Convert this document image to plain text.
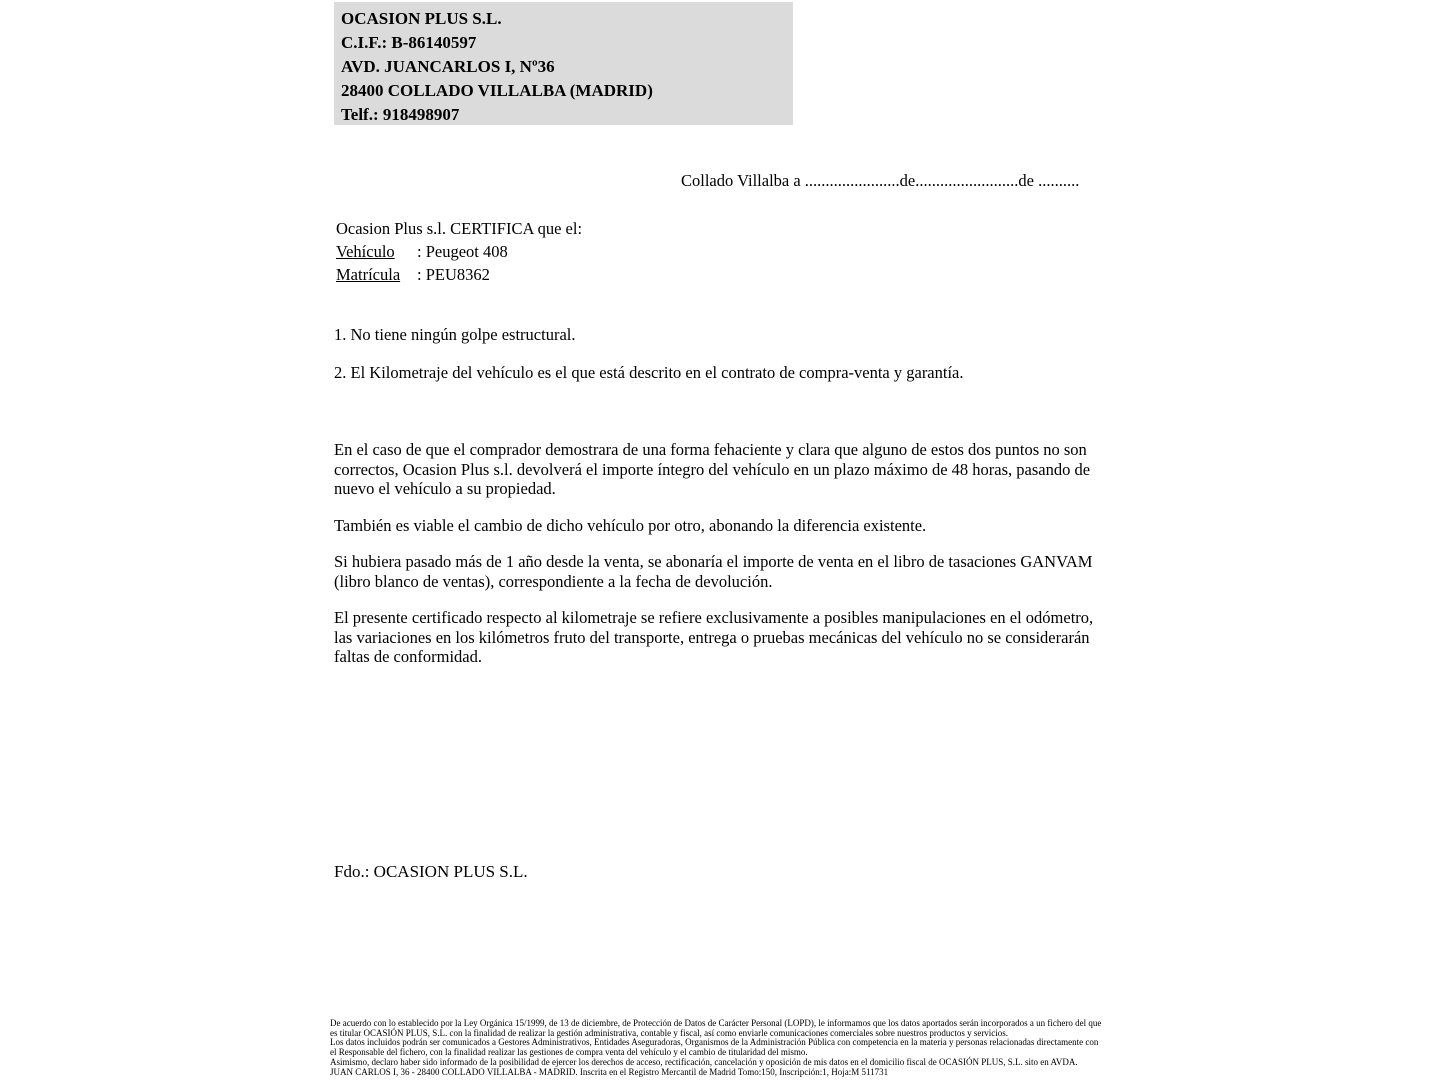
OCASION PLUS S.L.
C.I.F.: B-86140597
AVD. JUANCARLOS I, Nº36
28400 COLLADO VILLALBA (MADRID)
Telf.: 918498907
Collado Villalba a .......................de.........................de ..........
Ocasion Plus s.l. CERTIFICA que el:
Vehículo : Peugeot 408
Matrícula : PEU8362
1. No tiene ningún golpe estructural.
2. El Kilometraje del vehículo es el que está descrito en el contrato de compra-venta y garantía.

En el caso de que el comprador demostrara de una forma fehaciente y clara que alguno de estos dos puntos no son correctos, Ocasion Plus s.l. devolverá el importe íntegro del vehículo en un plazo máximo de 48 horas, pasando de nuevo el vehículo a su propiedad.

También es viable el cambio de dicho vehículo por otro, abonando la diferencia existente.

Si hubiera pasado más de 1 año desde la venta, se abonaría el importe de venta en el libro de tasaciones GANVAM (libro blanco de ventas), correspondiente a la fecha de devolución.

El presente certificado respecto al kilometraje se refiere exclusivamente a posibles manipulaciones en el odómetro, las variaciones en los kilómetros fruto del transporte, entrega o pruebas mecánicas del vehículo no se considerarán faltas de conformidad.

Fdo.: OCASION PLUS S.L.
De acuerdo con lo establecido por la Ley Orgánica 15/1999, de 13 de diciembre, de Protección de Datos de Carácter Personal (LOPD), le informamos que los datos aportados serán incorporados a un fichero del que es titular OCASIÓN PLUS, S.L. con la finalidad de realizar la gestión administrativa, contable y fiscal, así como enviarle comunicaciones comerciales sobre nuestros productos y servicios.
Los datos incluidos podrán ser comunicados a Gestores Administrativos, Entidades Aseguradoras, Organismos de la Administración Pública con competencia en la materia y personas relacionadas directamente con el Responsable del fichero, con la finalidad realizar las gestiones de compra venta del vehículo y el cambio de titularidad del mismo.
Asimismo, declaro haber sido informado de la posibilidad de ejercer los derechos de acceso, rectificación, cancelación y oposición de mis datos en el domicilio fiscal de OCASIÓN PLUS, S.L. sito en AVDA. JUAN CARLOS I, 36 - 28400 COLLADO VILLALBA - MADRID. Inscrita en el Registro Mercantil de Madrid Tomo:150, Inscripción:1, Hoja:M 511731
